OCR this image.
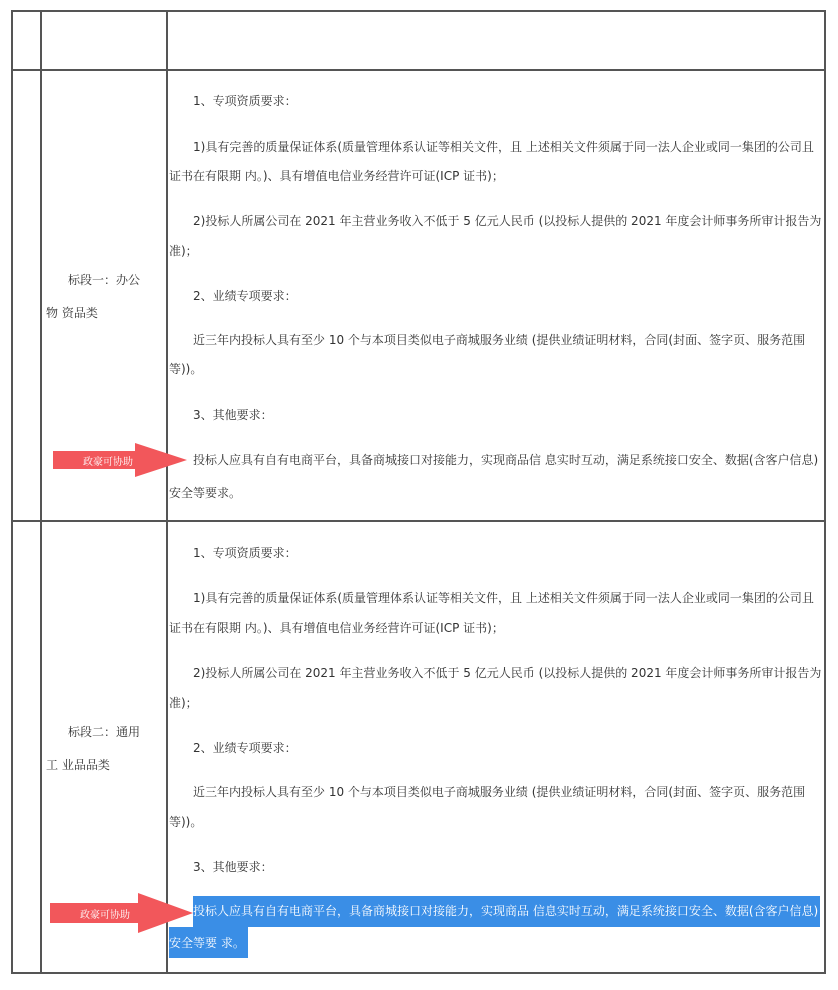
标段一：办公
物 资品类
1、专项资质要求：
1)具有完善的质量保证体系(质量管理体系认证等相关文件，且 上述相关文件须属于同一法人企业或同一集团的公司且
证书在有限期 内。)、具有增值电信业务经营许可证(ICP 证书)；
2)投标人所属公司在 2021 年主营业务收入不低于 5 亿元人民币 (以投标人提供的 2021 年度会计师事务所审计报告为
准)；
2、业绩专项要求：
近三年内投标人具有至少 10 个与本项目类似电子商城服务业绩 (提供业绩证明材料，合同(封面、签字页、服务范围
等))。
3、其他要求：
投标人应具有自有电商平台，具备商城接口对接能力，实现商品信 息实时互动，满足系统接口安全、数据(含客户信息)
安全等要求。
政豪可协助
标段二：通用
工 业品品类
1、专项资质要求：
1)具有完善的质量保证体系(质量管理体系认证等相关文件，且 上述相关文件须属于同一法人企业或同一集团的公司且
证书在有限期 内。)、具有增值电信业务经营许可证(ICP 证书)；
2)投标人所属公司在 2021 年主营业务收入不低于 5 亿元人民币 (以投标人提供的 2021 年度会计师事务所审计报告为
准)；
2、业绩专项要求：
近三年内投标人具有至少 10 个与本项目类似电子商城服务业绩 (提供业绩证明材料，合同(封面、签字页、服务范围
等))。
3、其他要求：
投标人应具有自有电商平台，具备商城接口对接能力，实现商品 信息实时互动，满足系统接口安全、数据(含客户信息)
安全等要 求。
政豪可协助
